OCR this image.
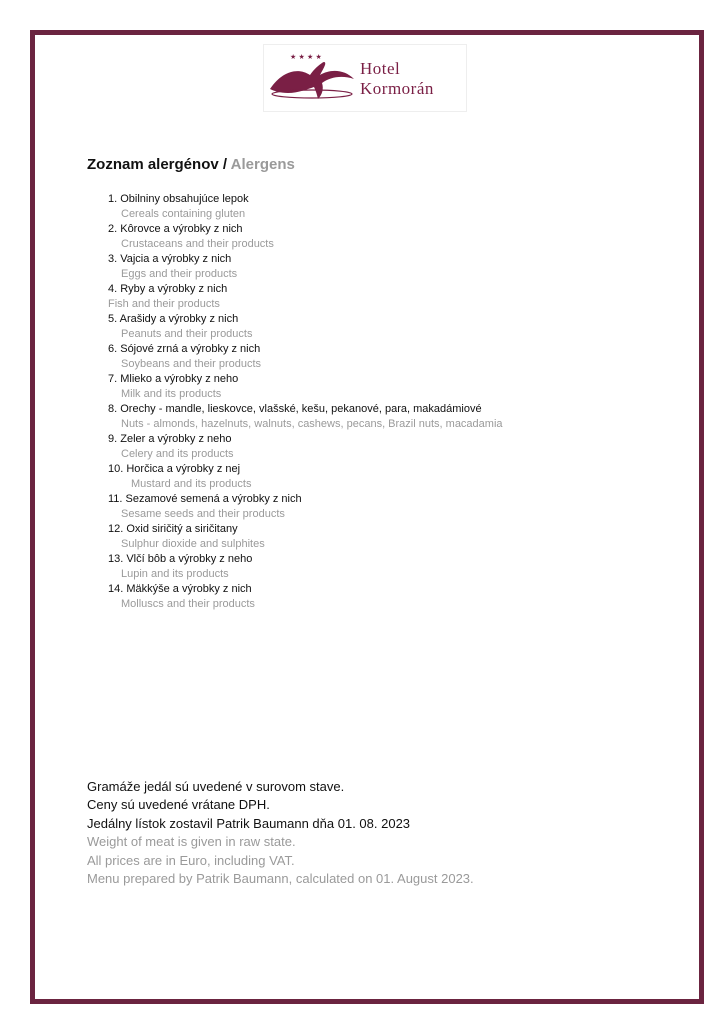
★ ★ ★ ★
Hotel
Kormorán
Zoznam alergénov / Alergens
1. Obilniny obsahujúce lepok
Cereals containing gluten
2. Kôrovce a výrobky z nich
Crustaceans and their products
3. Vajcia a výrobky z nich
Eggs and their products
4. Ryby a výrobky z nich
Fish and their products
5. Arašidy a výrobky z nich
Peanuts and their products
6. Sójové zrná a výrobky z nich
Soybeans and their products
7. Mlieko a výrobky z neho
Milk and its products
8. Orechy - mandle, lieskovce, vlašské, kešu, pekanové, para, makadámiové
Nuts - almonds, hazelnuts, walnuts, cashews, pecans, Brazil nuts, macadamia
9. Zeler a výrobky z neho
Celery and its products
10. Horčica a výrobky z nej
Mustard and its products
11. Sezamové semená a výrobky z nich
Sesame seeds and their products
12. Oxid siričitý a siričitany
Sulphur dioxide and sulphites
13. Vlčí bôb a výrobky z neho
Lupin and its products
14. Mäkkýše a výrobky z nich
Molluscs and their products
Gramáže jedál sú uvedené v surovom stave.
Ceny sú uvedené vrátane DPH.
Jedálny lístok zostavil Patrik Baumann dňa 01. 08. 2023
Weight of meat is given in raw state.
All prices are in Euro, including VAT.
Menu prepared by Patrik Baumann, calculated on 01. August 2023.
